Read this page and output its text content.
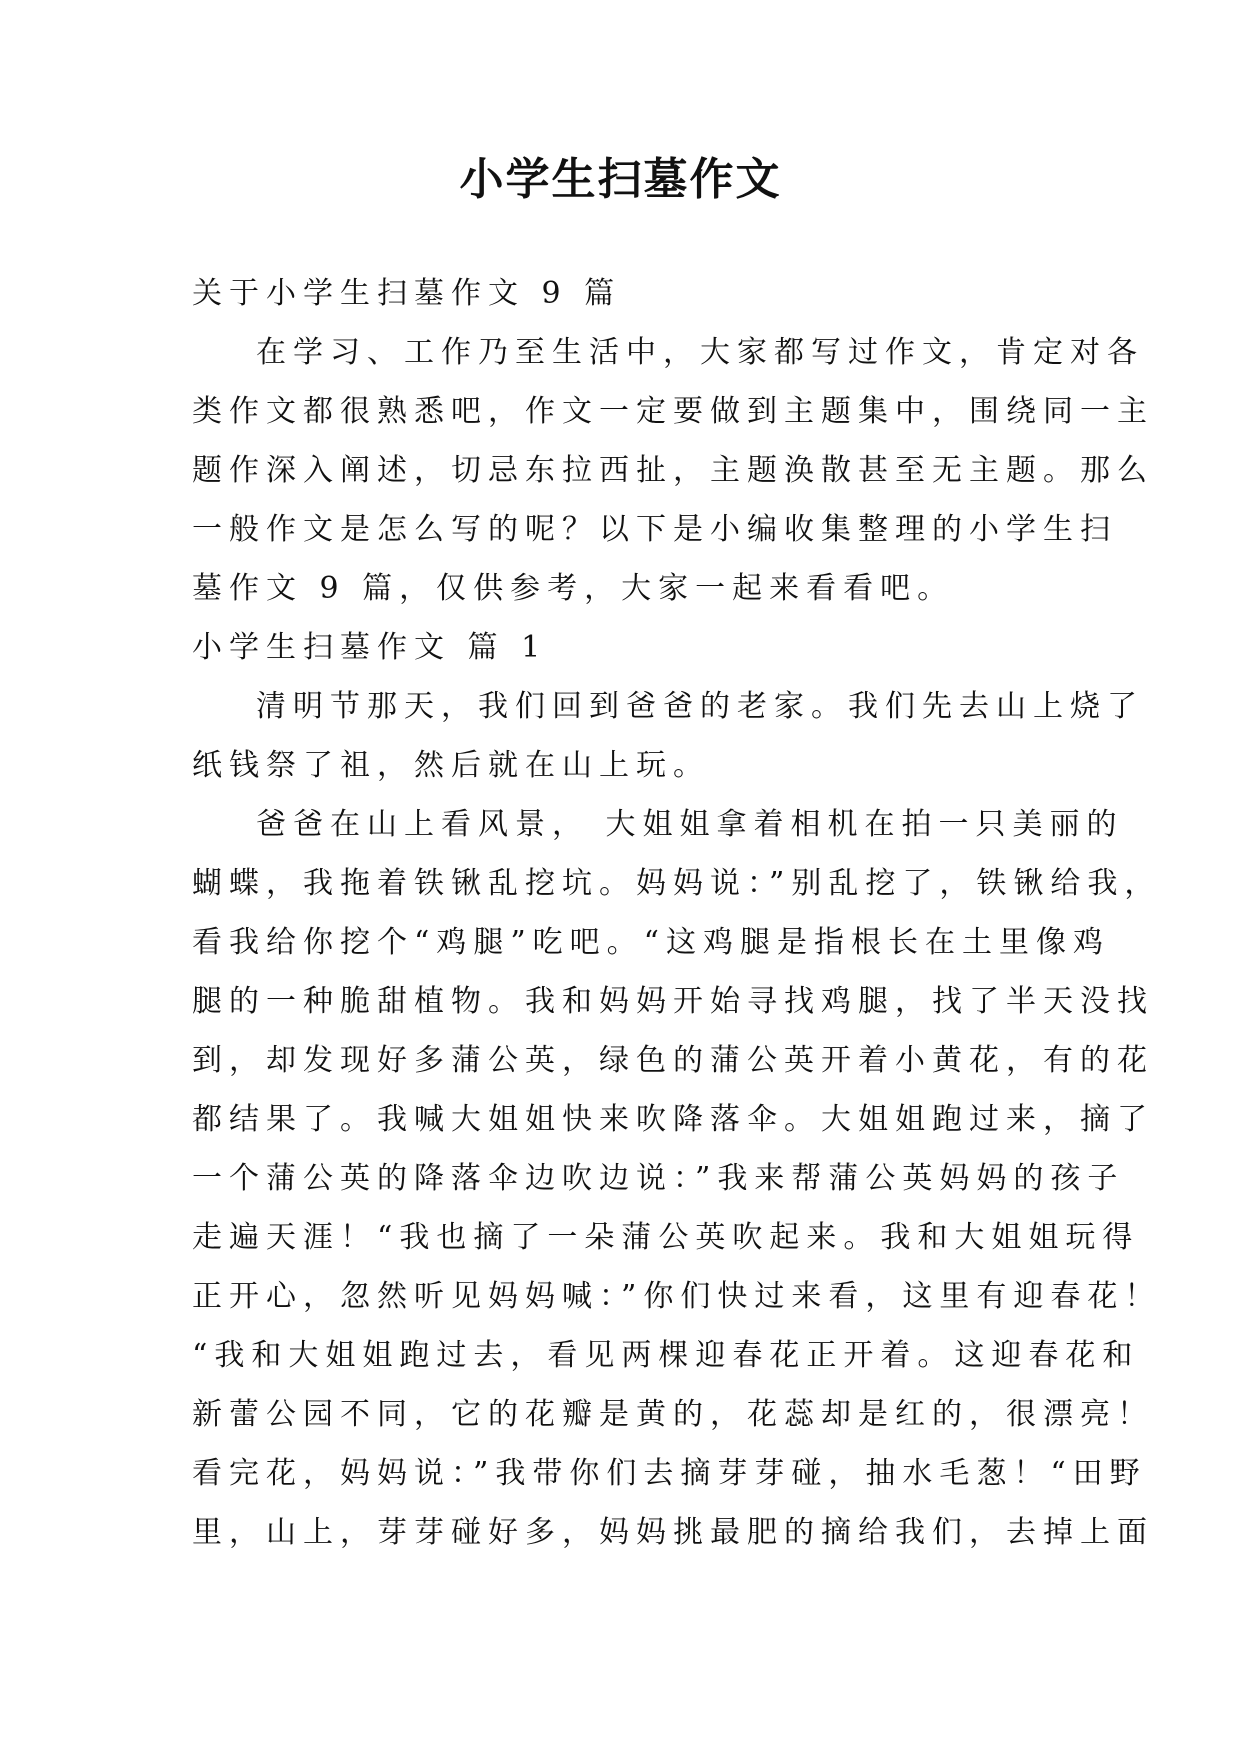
小学生扫墓作文
关于小学生扫墓作文 9 篇
在学习、工作乃至生活中，大家都写过作文，肯定对各
类作文都很熟悉吧，作文一定要做到主题集中，围绕同一主
题作深入阐述，切忌东拉西扯，主题涣散甚至无主题。那么
一般作文是怎么写的呢？以下是小编收集整理的小学生扫
墓作文 9 篇，仅供参考，大家一起来看看吧。
小学生扫墓作文 篇 1
清明节那天，我们回到爸爸的老家。我们先去山上烧了
纸钱祭了祖，然后就在山上玩。
爸爸在山上看风景， 大姐姐拿着相机在拍一只美丽的
蝴蝶，我拖着铁锹乱挖坑。妈妈说：”别乱挖了，铁锹给我，
看我给你挖个“鸡腿”吃吧。“这鸡腿是指根长在土里像鸡
腿的一种脆甜植物。我和妈妈开始寻找鸡腿，找了半天没找
到，却发现好多蒲公英，绿色的蒲公英开着小黄花，有的花
都结果了。我喊大姐姐快来吹降落伞。大姐姐跑过来，摘了
一个蒲公英的降落伞边吹边说：”我来帮蒲公英妈妈的孩子
走遍天涯！“我也摘了一朵蒲公英吹起来。我和大姐姐玩得
正开心，忽然听见妈妈喊：”你们快过来看，这里有迎春花！
“我和大姐姐跑过去，看见两棵迎春花正开着。这迎春花和
新蕾公园不同，它的花瓣是黄的，花蕊却是红的，很漂亮！
看完花，妈妈说：”我带你们去摘芽芽碰，抽水毛葱！“田野
里，山上，芽芽碰好多，妈妈挑最肥的摘给我们，去掉上面
